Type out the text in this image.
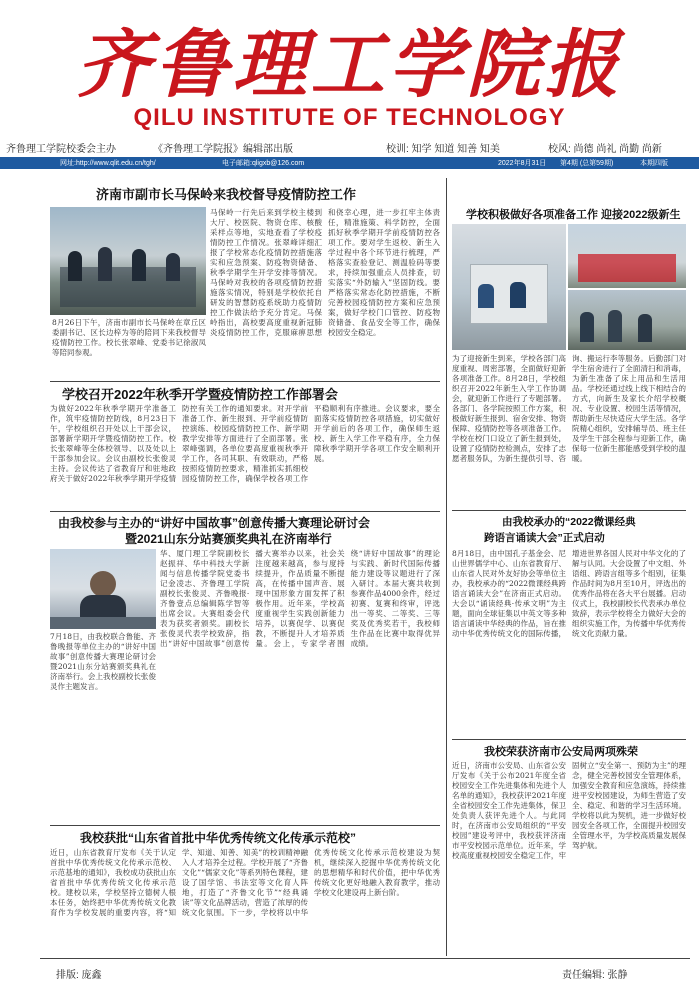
齐鲁理工学院报
QILU INSTITUTE OF TECHNOLOGY
齐鲁理工学院校委会主办	《齐鲁理工学院报》编辑部出版	校训: 知学 知道 知善 知美	校风: 尚德 尚礼 尚勤 尚新
网址:http://www.qlit.edu.cn/tgh/	电子邮箱:qligxb@126.com	2022年8月31日 第4期 (总第59期)	本期四版
济南市副市长马保岭来我校督导疫情防控工作
8月26日下午，济南市副市长马保岭在章丘区委副书记、区长边梓为等的陪同下来我校督导疫情防控工作。校长张翠峰、党委书记徐淑凤等陪同参观。
马保岭一行先后来到学校主楼到大厅、校医院、物资仓库、核酸采样点等地，实地查看了学校疫情防控工作情况。张翠峰详细汇报了学校常态化疫情防控措施落实和应急预案、防疫物资储备、秋季学期学生开学安排等情况。马保岭对我校的各项疫情防控措施落实情况，特别是学校依托自研发的智慧防疫系统助力疫情防控工作做法给予充分肯定。马保岭指出，高校要高度重视新冠肺炎疫情防控工作，克服麻痹思想和侥幸心理，进一步扛牢主体责任，精准施策、科学防控，全面抓好秋季学期开学前疫情防控各项工作。要对学生返校、新生入学过程中各个环节进行梳理，严格落实查验登记、测温验码等要求，持续加强重点人员排查，切实落实“外防输入”坚固防线。要严格落实常态化防控措施，不断完善校园疫情防控方案和应急预案，做好学校门口管控、防疫物资储备、食品安全等工作，确保校园安全稳定。
学校召开2022年秋季开学暨疫情防控工作部署会
为做好2022年秋季学期开学准备工作，筑牢疫情防控防线，8月23日下午，学校组织召开处以上干部会议，部署新学期开学暨疫情防控工作。校长张翠峰等全体校领导、以及处以上干部参加会议。会议由副校长张俊灵主持。会议传达了省教育厅和驻地政府关于做好2022年秋季学期开学疫情防控有关工作的通知要求。对开学前准备工作、新生报到、开学前疫情防控演练、校园疫情防控工作、新学期教学安排等方面进行了全面部署。张翠峰强调，各单位要高度重视秋季开学工作，各司其职、有效联动，严格按照疫情防控要求，精准抓实抓细校园疫情防控工作，确保学校各项工作平稳顺利有序推进。会议要求，要全面落实疫情防控各项措施，切实做好开学前后的各项工作，确保师生返校、新生入学工作平稳有序，全力保障秋季学期开学各项工作安全顺利开展。
由我校参与主办的“讲好中国故事”创意传播大赛理论研讨会
暨2021山东分站赛颁奖典礼在济南举行
7月18日，由我校联合鲁能、齐鲁晚报等单位主办的“讲好中国故事”创意传播大赛理论研讨会暨2021山东分站赛颁奖典礼在济南举行。会上我校副校长张俊灵作主题发言。
华、厦门理工学院副校长赵振祥、华中科技大学新闻与信息传播学院党委书记金凌志、齐鲁理工学院副校长张俊灵、齐鲁晚报·齐鲁壹点总编辑陈学智等出席会议。大赛组委会代表为获奖者颁奖。副校长张俊灵代表学校致辞，指出“讲好中国故事”创意传播大赛举办以来，社会关注度越来越高，参与度持续提升，作品质量不断提高，在传播中国声音、展现中国形象方面发挥了积极作用。近年来，学校高度重视学生实践创新能力培养，以赛促学、以赛促教，不断提升人才培养质量。会上，专家学者围绕“讲好中国故事”的理论与实践、新时代国际传播能力建设等议题进行了深入研讨。本届大赛共收到参赛作品4000余件，经过初赛、复赛和终审，评选出一等奖、二等奖、三等奖及优秀奖若干，我校师生作品在比赛中取得优异成绩。
我校获批“山东省首批中华优秀传统文化传承示范校”
近日，山东省教育厅发布《关于认定首批中华优秀传统文化传承示范校、示范基地的通知》，我校成功获批山东省首批中华优秀传统文化传承示范校。建校以来，学校坚持立德树人根本任务，始终把中华优秀传统文化教育作为学校发展的重要内容，将“知学、知道、知善、知美”的校训精神融入人才培养全过程。学校开展了“齐鲁文化”“儒家文化”等系列特色课程，建设了国学馆、书法室等文化育人阵地，打造了“齐鲁文化节”“经典诵读”等文化品牌活动，营造了浓厚的传统文化氛围。下一步，学校将以中华优秀传统文化传承示范校建设为契机，继续深入挖掘中华优秀传统文化的思想精华和时代价值，把中华优秀传统文化更好地融入教育教学，推动学校文化建设再上新台阶。
学校积极做好各项准备工作 迎接2022级新生
为了迎接新生到来，学校各部门高度重视、周密部署，全面做好迎新各项准备工作。8月28日，学校组织召开2022年新生入学工作协调会，就迎新工作进行了专题部署。各部门、各学院按照工作方案，积极做好新生报到、宿舍安排、物资保障、疫情防控等各项准备工作。学校在校门口设立了新生报到处，设置了疫情防控检测点，安排了志愿者服务队，为新生提供引导、咨询、搬运行李等服务。后勤部门对学生宿舍进行了全面清扫和消毒，为新生准备了床上用品和生活用品。学校还通过线上线下相结合的方式，向新生及家长介绍学校概况、专业设置、校园生活等情况，帮助新生尽快适应大学生活。各学院精心组织，安排辅导员、班主任及学生干部全程参与迎新工作，确保每一位新生都能感受到学校的温暖。
由我校承办的“2022微课经典
跨语言诵读大会”正式启动
8月18日，由中国孔子基金会、尼山世界儒学中心、山东省教育厅、山东省人民对外友好协会等单位主办，我校承办的“2022微课经典跨语言诵读大会”在济南正式启动。大会以“诵读经典·传承文明”为主题，面向全球征集以中英文等多种语言诵读中华经典的作品，旨在推动中华优秀传统文化的国际传播，增进世界各国人民对中华文化的了解与认同。大会设置了中文组、外语组、跨语言组等多个组别，征集作品时间为8月至10月，评选出的优秀作品将在各大平台展播。启动仪式上，我校副校长代表承办单位致辞，表示学校将全力做好大会的组织实施工作，为传播中华优秀传统文化贡献力量。
我校荣获济南市公安局两项殊荣
近日，济南市公安局、山东省公安厅发布《关于公布2021年度全省校园安全工作先进集体和先进个人名单的通知》，我校获评2021年度全省校园安全工作先进集体，保卫处负责人获评先进个人。与此同时，在济南市公安局组织的“平安校园”建设考评中，我校获评济南市平安校园示范单位。近年来，学校高度重视校园安全稳定工作，牢固树立“安全第一、预防为主”的理念，健全完善校园安全管理体系，加强安全教育和应急演练，持续推进平安校园建设，为师生营造了安全、稳定、和谐的学习生活环境。学校将以此为契机，进一步做好校园安全各项工作，全面提升校园安全管理水平，为学校高质量发展保驾护航。
排版: 庞鑫	责任编辑: 张静
